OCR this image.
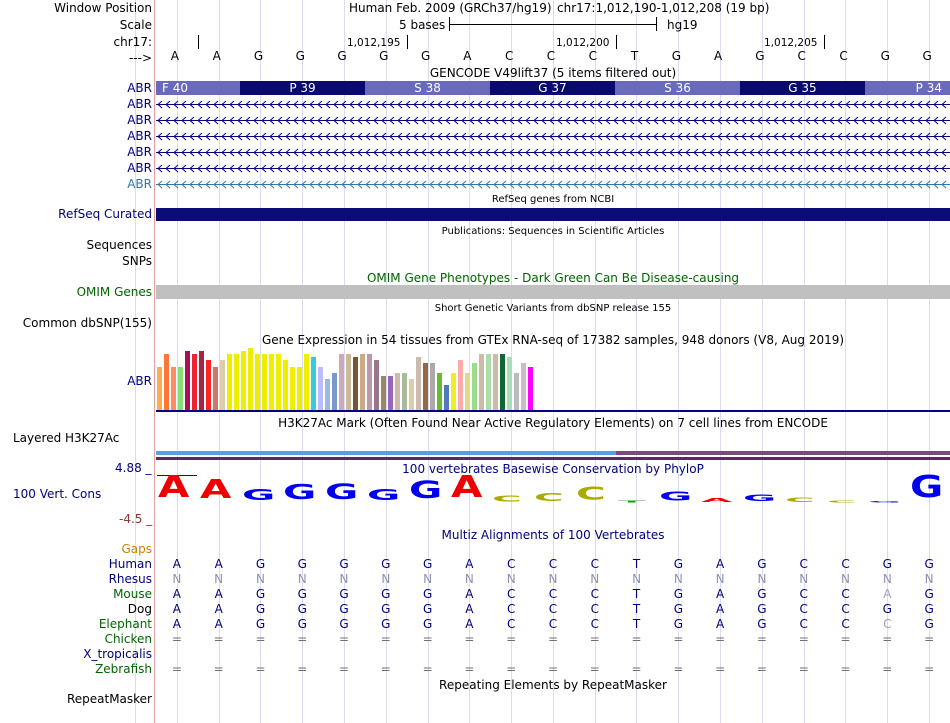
Window Position	Human Feb. 2009 (GRCh37/hg19) chr17:1,012,190-1,012,208 (19 bp)
Scale	5 bases	hg19
chr17:	1,012,195	1,012,200	1,012,205
--->	A	A	G	G	G	G	G	A	C	C	C	T	G	A	G	C	C	G	G
GENCODE V49lift37 (5 items filtered out)
F 40	P 39	S 38	G 37	S 36	G 35	P 34
ABR
ABR
ABR
ABR
ABR
ABR
ABR
RefSeq genes from NCBI
RefSeq Curated
Publications: Sequences in Scientific Articles
Sequences
SNPs
OMIM Gene Phenotypes - Dark Green Can Be Disease-causing
OMIM Genes
Short Genetic Variants from dbSNP release 155
Common dbSNP(155)
Gene Expression in 54 tissues from GTEx RNA-seq of 17382 samples, 948 donors (V8, Aug 2019)
ABR
H3K27Ac Mark (Often Found Near Active Regulatory Elements) on 7 cell lines from ENCODE
Layered H3K27Ac
100 vertebrates Basewise Conservation by PhyloP
4.88 _
100 Vert. Cons
-4.5 _
A A G G G G G A C C C T G A G C C G G
Multiz Alignments of 100 Vertebrates
Gaps
Human	A	A	G	G	G	G	G	A	C	C	C	T	G	A	G	C	C	G	G
Rhesus	N	N	N	N	N	N	N	N	N	N	N	N	N	N	N	N	N	N	N
Mouse	A	A	G	G	G	G	G	A	C	C	C	T	G	A	G	C	C	A	G
Dog	A	A	G	G	G	G	G	A	C	C	C	T	G	A	G	C	C	G	G
Elephant	A	A	G	G	G	G	G	A	C	C	C	T	G	A	G	C	C	C	G
Chicken	=	=	=	=	=	=	=	=	=	=	=	=	=	=	=	=	=	=	=
X_tropicalis
Zebrafish	=	=	=	=	=	=	=	=	=	=	=	=	=	=	=	=	=	=	=
Repeating Elements by RepeatMasker
RepeatMasker
